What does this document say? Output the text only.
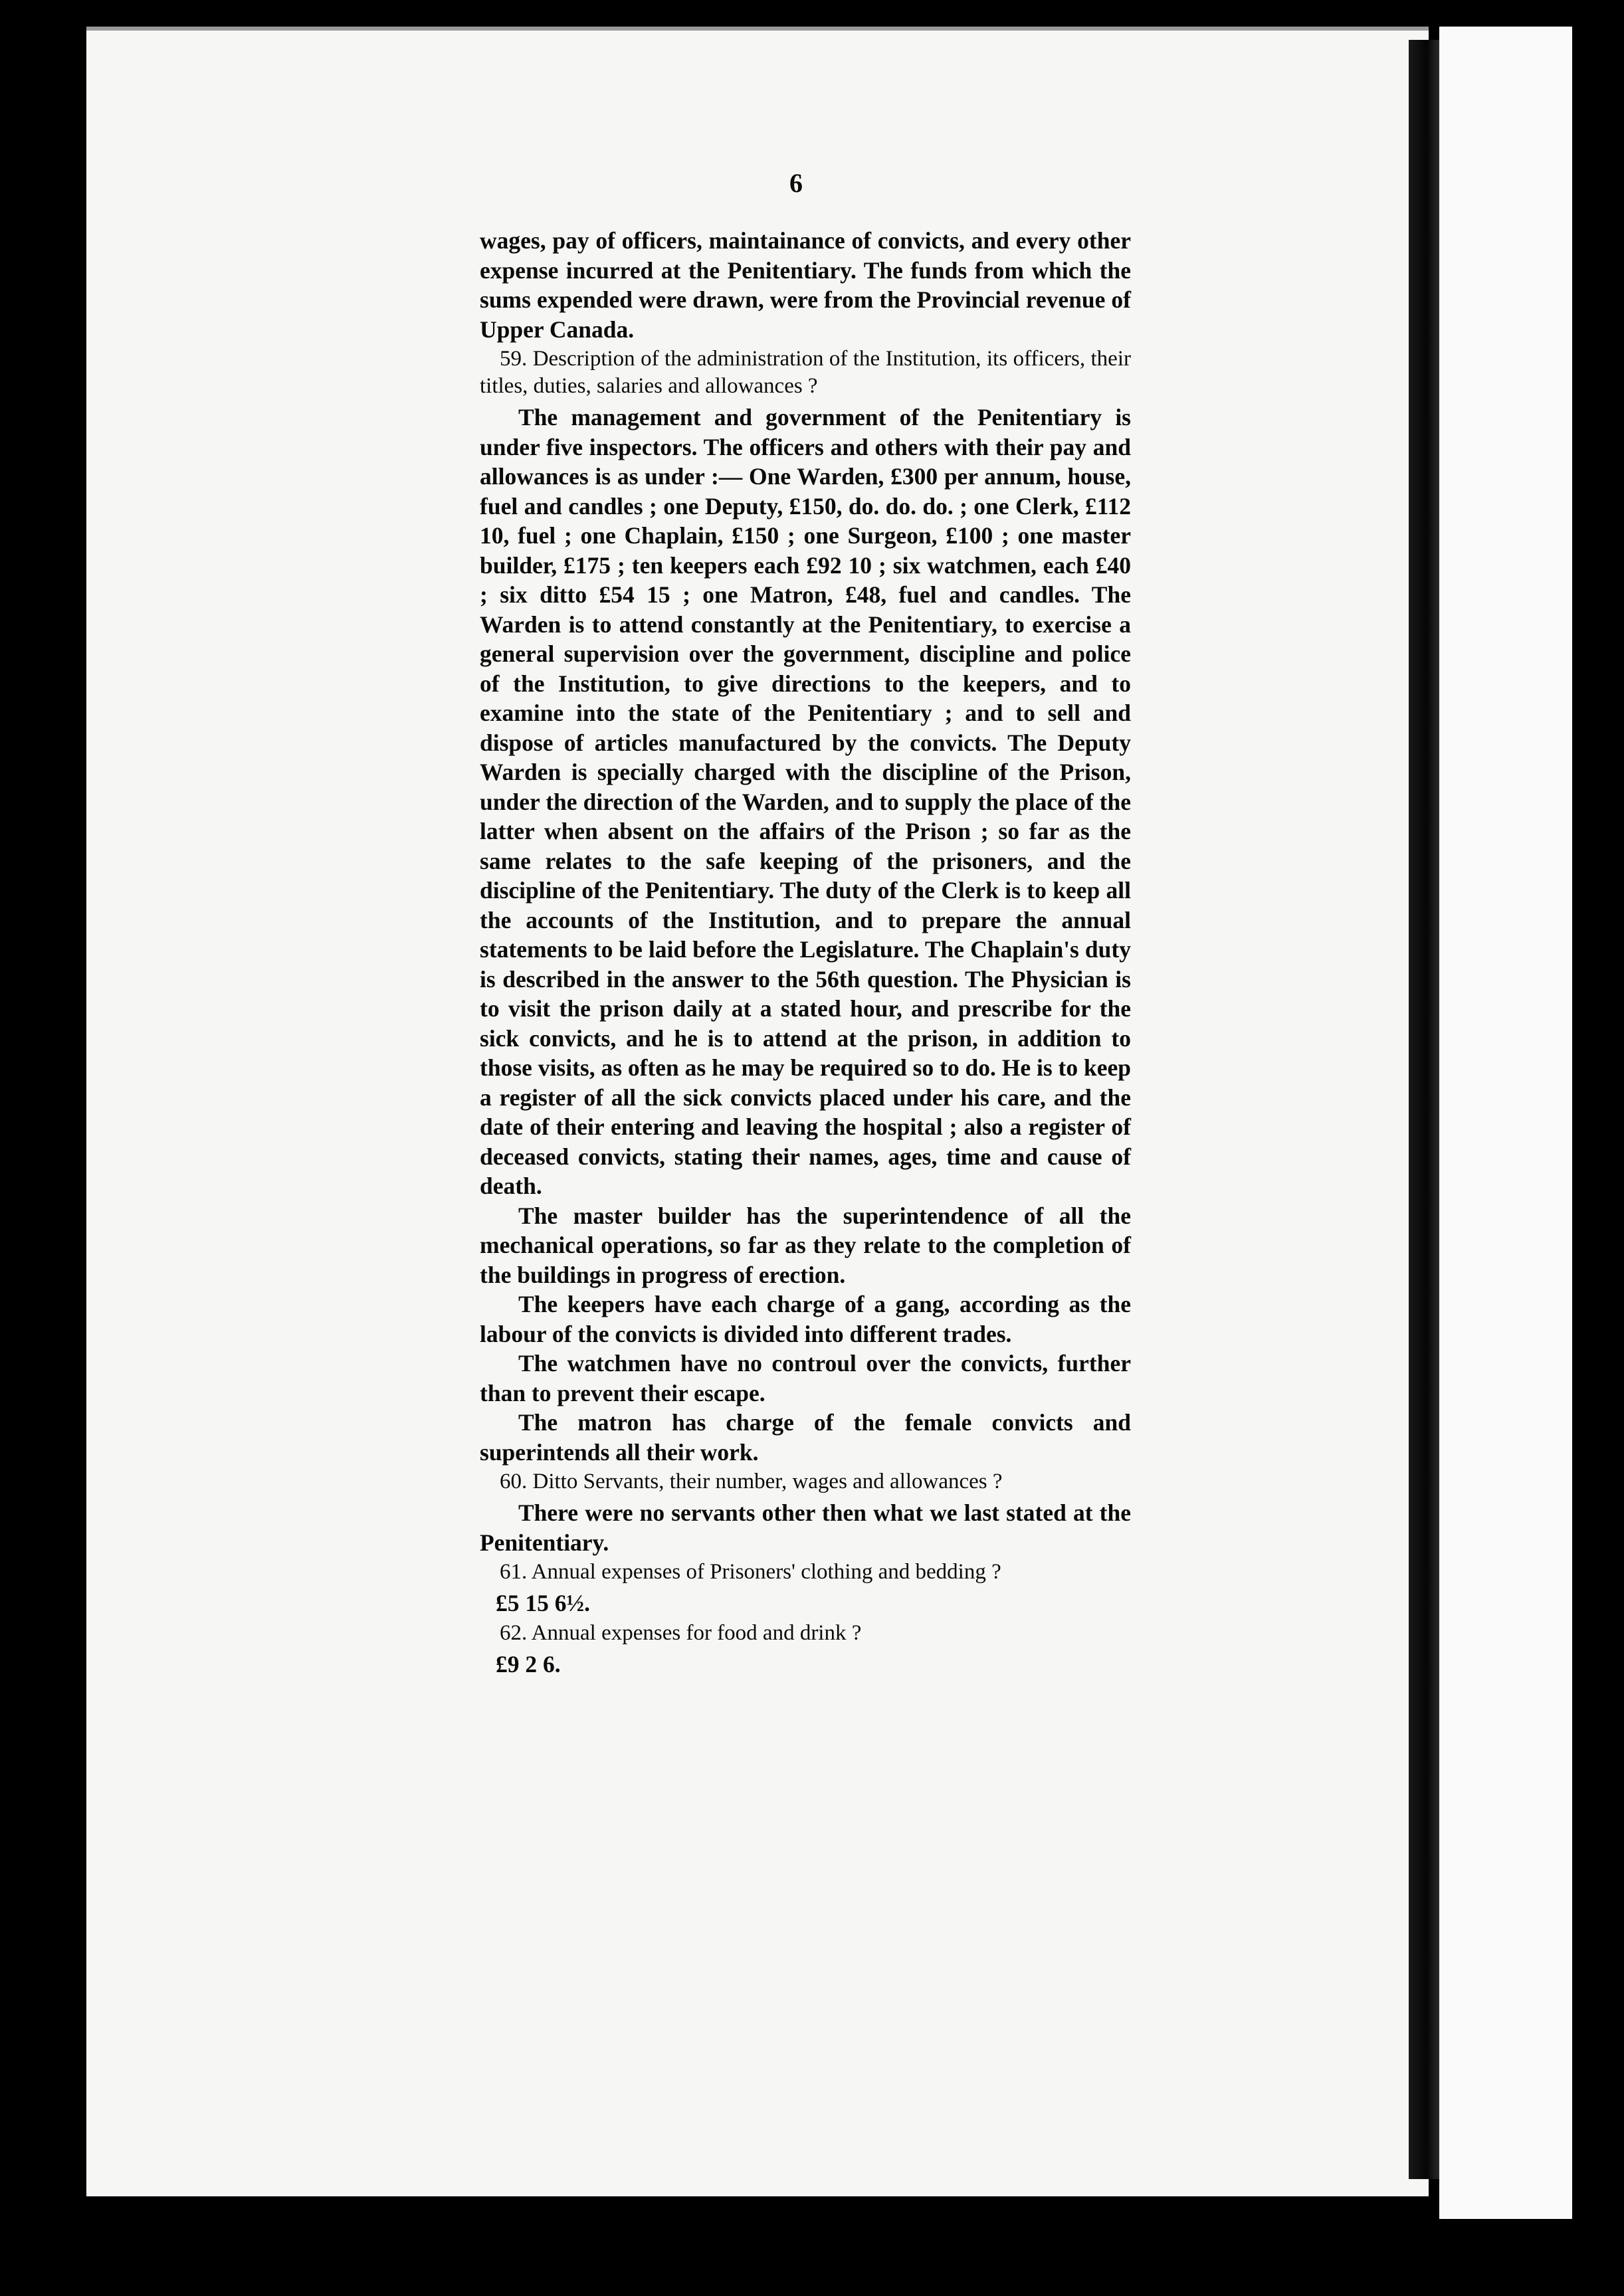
6

wages, pay of officers, maintainance of convicts, and every other expense incurred at the Penitentiary. The funds from which the sums expended were drawn, were from the Provincial revenue of Upper Canada.

59. Description of the administration of the Institution, its officers, their titles, duties, salaries and allowances ?

The management and government of the Penitentiary is under five inspectors. The officers and others with their pay and allowances is as under :— One Warden, £300 per annum, house, fuel and candles ; one Deputy, £150, do. do. do. ; one Clerk, £112 10, fuel ; one Chaplain, £150 ; one Surgeon, £100 ; one master builder, £175 ; ten keepers each £92 10 ; six watchmen, each £40 ; six ditto £54 15 ; one Matron, £48, fuel and candles. The Warden is to attend constantly at the Penitentiary, to exercise a general supervision over the government, discipline and police of the Institution, to give directions to the keepers, and to examine into the state of the Penitentiary ; and to sell and dispose of articles manufactured by the convicts. The Deputy Warden is specially charged with the discipline of the Prison, under the direction of the Warden, and to supply the place of the latter when absent on the affairs of the Prison ; so far as the same relates to the safe keeping of the prisoners, and the discipline of the Penitentiary. The duty of the Clerk is to keep all the accounts of the Institution, and to prepare the annual statements to be laid before the Legislature. The Chaplain's duty is described in the answer to the 56th question. The Physician is to visit the prison daily at a stated hour, and prescribe for the sick convicts, and he is to attend at the prison, in addition to those visits, as often as he may be required so to do. He is to keep a register of all the sick convicts placed under his care, and the date of their entering and leaving the hospital ; also a register of deceased convicts, stating their names, ages, time and cause of death.

The master builder has the superintendence of all the mechanical operations, so far as they relate to the completion of the buildings in progress of erection.

The keepers have each charge of a gang, according as the labour of the convicts is divided into different trades.

The watchmen have no controul over the convicts, further than to prevent their escape.

The matron has charge of the female convicts and superintends all their work.

60. Ditto Servants, their number, wages and allowances ?

There were no servants other then what we last stated at the Penitentiary.

61. Annual expenses of Prisoners' clothing and bedding ?

£5 15 6½.

62. Annual expenses for food and drink ?

£9 2 6.
